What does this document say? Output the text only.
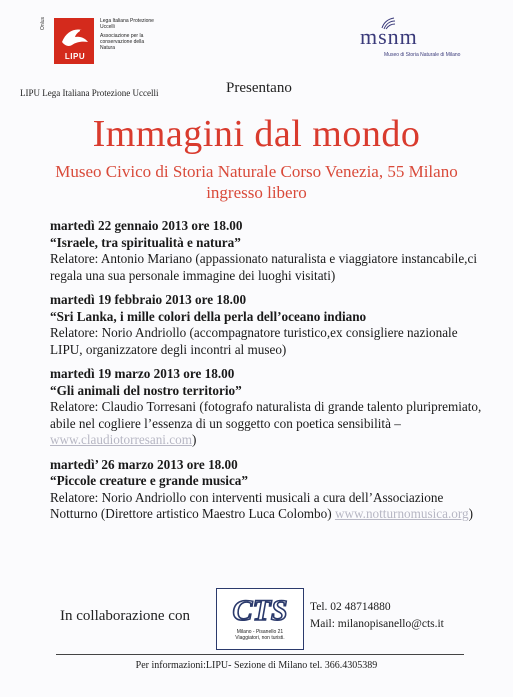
Onlus
LIPU
Lega Italiana Protezione Uccelli
Associazione per la conservazione della Natura
LIPU Lega Italiana Protezione Uccelli	Presentano
msnm
Museo di Storia Naturale di Milano
Immagini dal mondo
Museo Civico di Storia Naturale Corso Venezia, 55 Milano
ingresso libero
martedì 22 gennaio 2013 ore 18.00
“Israele, tra spiritualità e natura”
Relatore: Antonio Mariano (appassionato naturalista e viaggiatore instancabile,ci regala una sua personale immagine dei luoghi visitati)
martedì 19 febbraio 2013 ore 18.00
“Sri Lanka, i mille colori della perla dell’oceano indiano
Relatore: Norio Andriollo (accompagnatore turistico,ex consigliere nazionale LIPU, organizzatore degli incontri al museo)
martedì 19 marzo 2013 ore 18.00
“Gli animali del nostro territorio”
Relatore: Claudio Torresani (fotografo naturalista di grande talento pluripremiato, abile nel cogliere l’essenza di un soggetto con poetica sensibilità – www.claudiotorresani.com)
martedì’ 26 marzo 2013 ore 18.00
“Piccole creature e grande musica”
Relatore: Norio Andriollo con interventi musicali a cura dell’Associazione Notturno (Direttore artistico Maestro Luca Colombo) www.notturnomusica.org)
In collaborazione con CTS
Milano - Pisanello 21
Viaggiatori, non turisti.
Tel. 02 48714880
Mail: milanopisanello@cts.it
Per informazioni:LIPU- Sezione di Milano tel. 366.4305389
